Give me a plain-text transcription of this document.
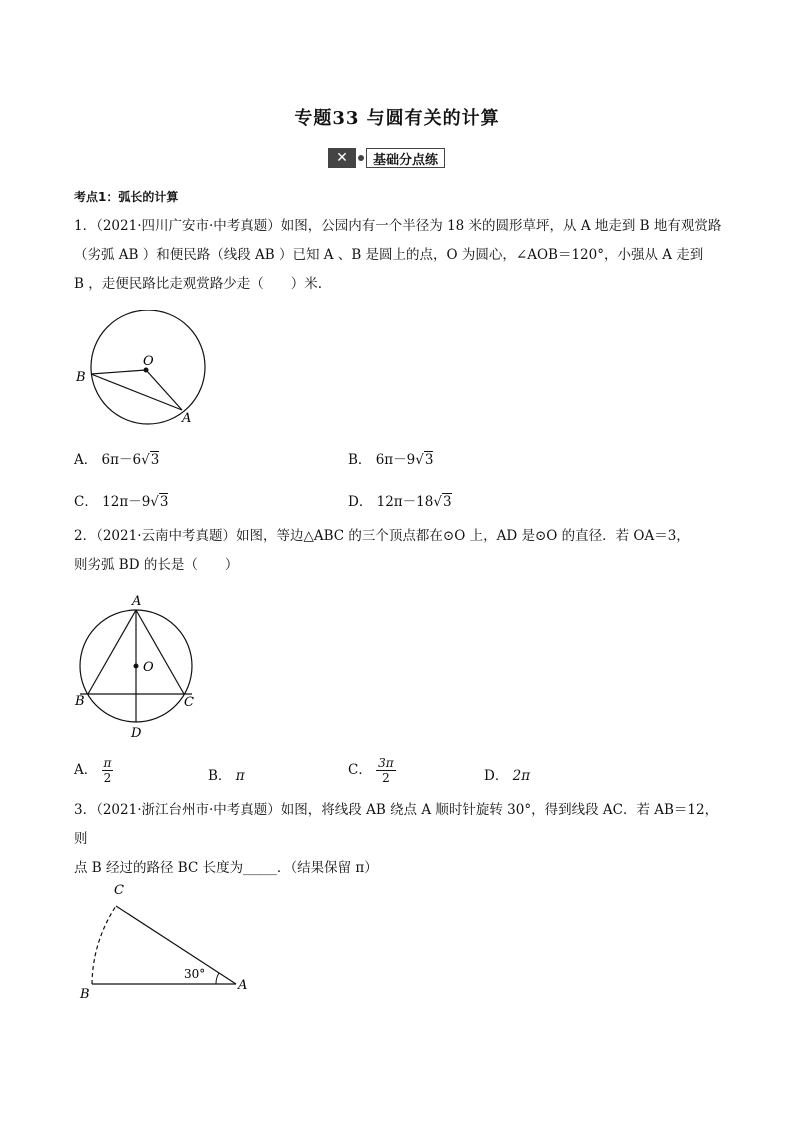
专题33 与圆有关的计算
✕	基础分点练
考点1：弧长的计算
1．（2021·四川广安市·中考真题）如图，公园内有一个半径为 18 米的圆形草坪，从 A 地走到 B 地有观赏路
（劣弧 AB ）和便民路（线段 AB ）已知 A 、B 是圆上的点，O 为圆心，∠AOB＝120°，小强从 A 走到
B ，走便民路比走观赏路少走（　　）米.
O
B
A
A． 6π－6√3	B． 6π－9√3
C． 12π－9√3	D． 12π－18√3
2．（2021·云南中考真题）如图，等边△ABC 的三个顶点都在⊙O 上，AD 是⊙O 的直径．若 OA＝3，
则劣弧 BD 的长是（　　）
A
O
B	C
D
A． $\frac{\pi}{2}$	B． π	C． $\frac{3\pi}{2}$	D． 2π
3．（2021·浙江台州市·中考真题）如图，将线段 AB 绕点 A 顺时针旋转 30°，得到线段 AC．若 AB＝12，则
点 B 经过的路径 BC 长度为_____．（结果保留 π）
C
B
A
30°
